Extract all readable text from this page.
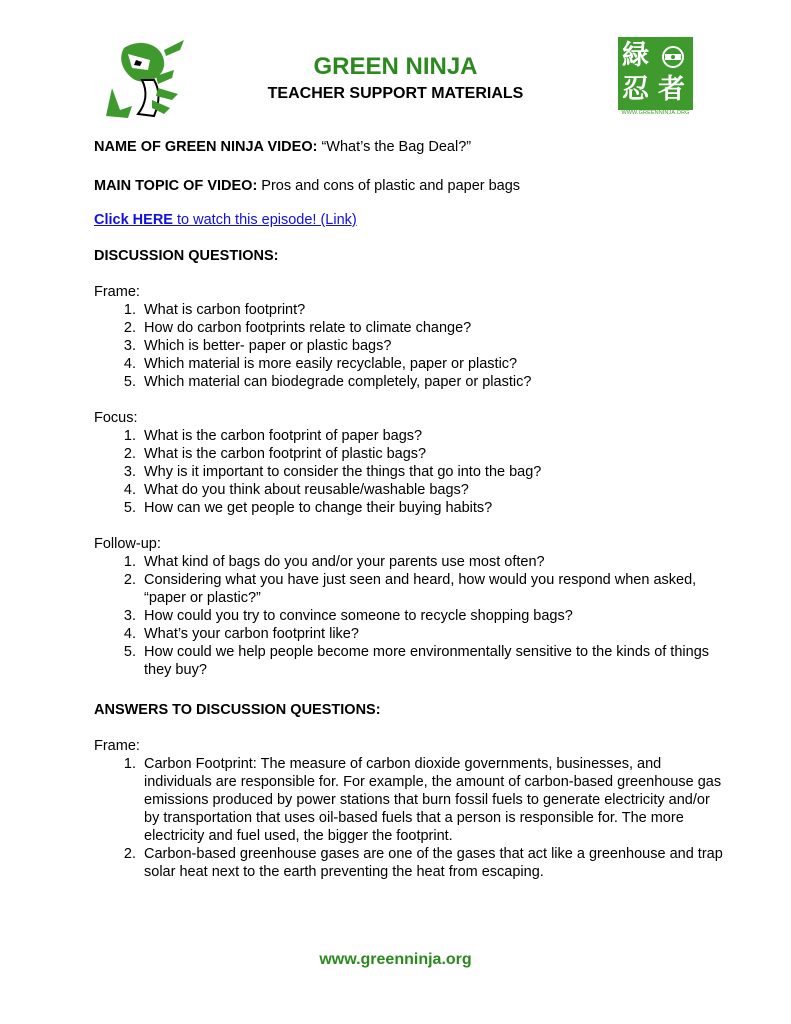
GREEN NINJA
TEACHER SUPPORT MATERIALS
緑
忍 者
WWW.GREENNINJA.ORG

NAME OF GREEN NINJA VIDEO: “What’s the Bag Deal?”

MAIN TOPIC OF VIDEO: Pros and cons of plastic and paper bags

Click HERE to watch this episode! (Link)

DISCUSSION QUESTIONS:

Frame:

1. What is carbon footprint?
2. How do carbon footprints relate to climate change?
3. Which is better- paper or plastic bags?
4. Which material is more easily recyclable, paper or plastic?
5. Which material can biodegrade completely, paper or plastic?

Focus:

1. What is the carbon footprint of paper bags?
2. What is the carbon footprint of plastic bags?
3. Why is it important to consider the things that go into the bag?
4. What do you think about reusable/washable bags?
5. How can we get people to change their buying habits?

Follow-up:

1. What kind of bags do you and/or your parents use most often?
2. Considering what you have just seen and heard, how would you respond when asked, “paper or plastic?”
3. How could you try to convince someone to recycle shopping bags?
4. What’s your carbon footprint like?
5. How could we help people become more environmentally sensitive to the kinds of things they buy?

ANSWERS TO DISCUSSION QUESTIONS:

Frame:

1. Carbon Footprint: The measure of carbon dioxide governments, businesses, and individuals are responsible for. For example, the amount of carbon-based greenhouse gas emissions produced by power stations that burn fossil fuels to generate electricity and/or by transportation that uses oil-based fuels that a person is responsible for. The more electricity and fuel used, the bigger the footprint.
2. Carbon-based greenhouse gases are one of the gases that act like a greenhouse and trap solar heat next to the earth preventing the heat from escaping.
www.greenninja.org
